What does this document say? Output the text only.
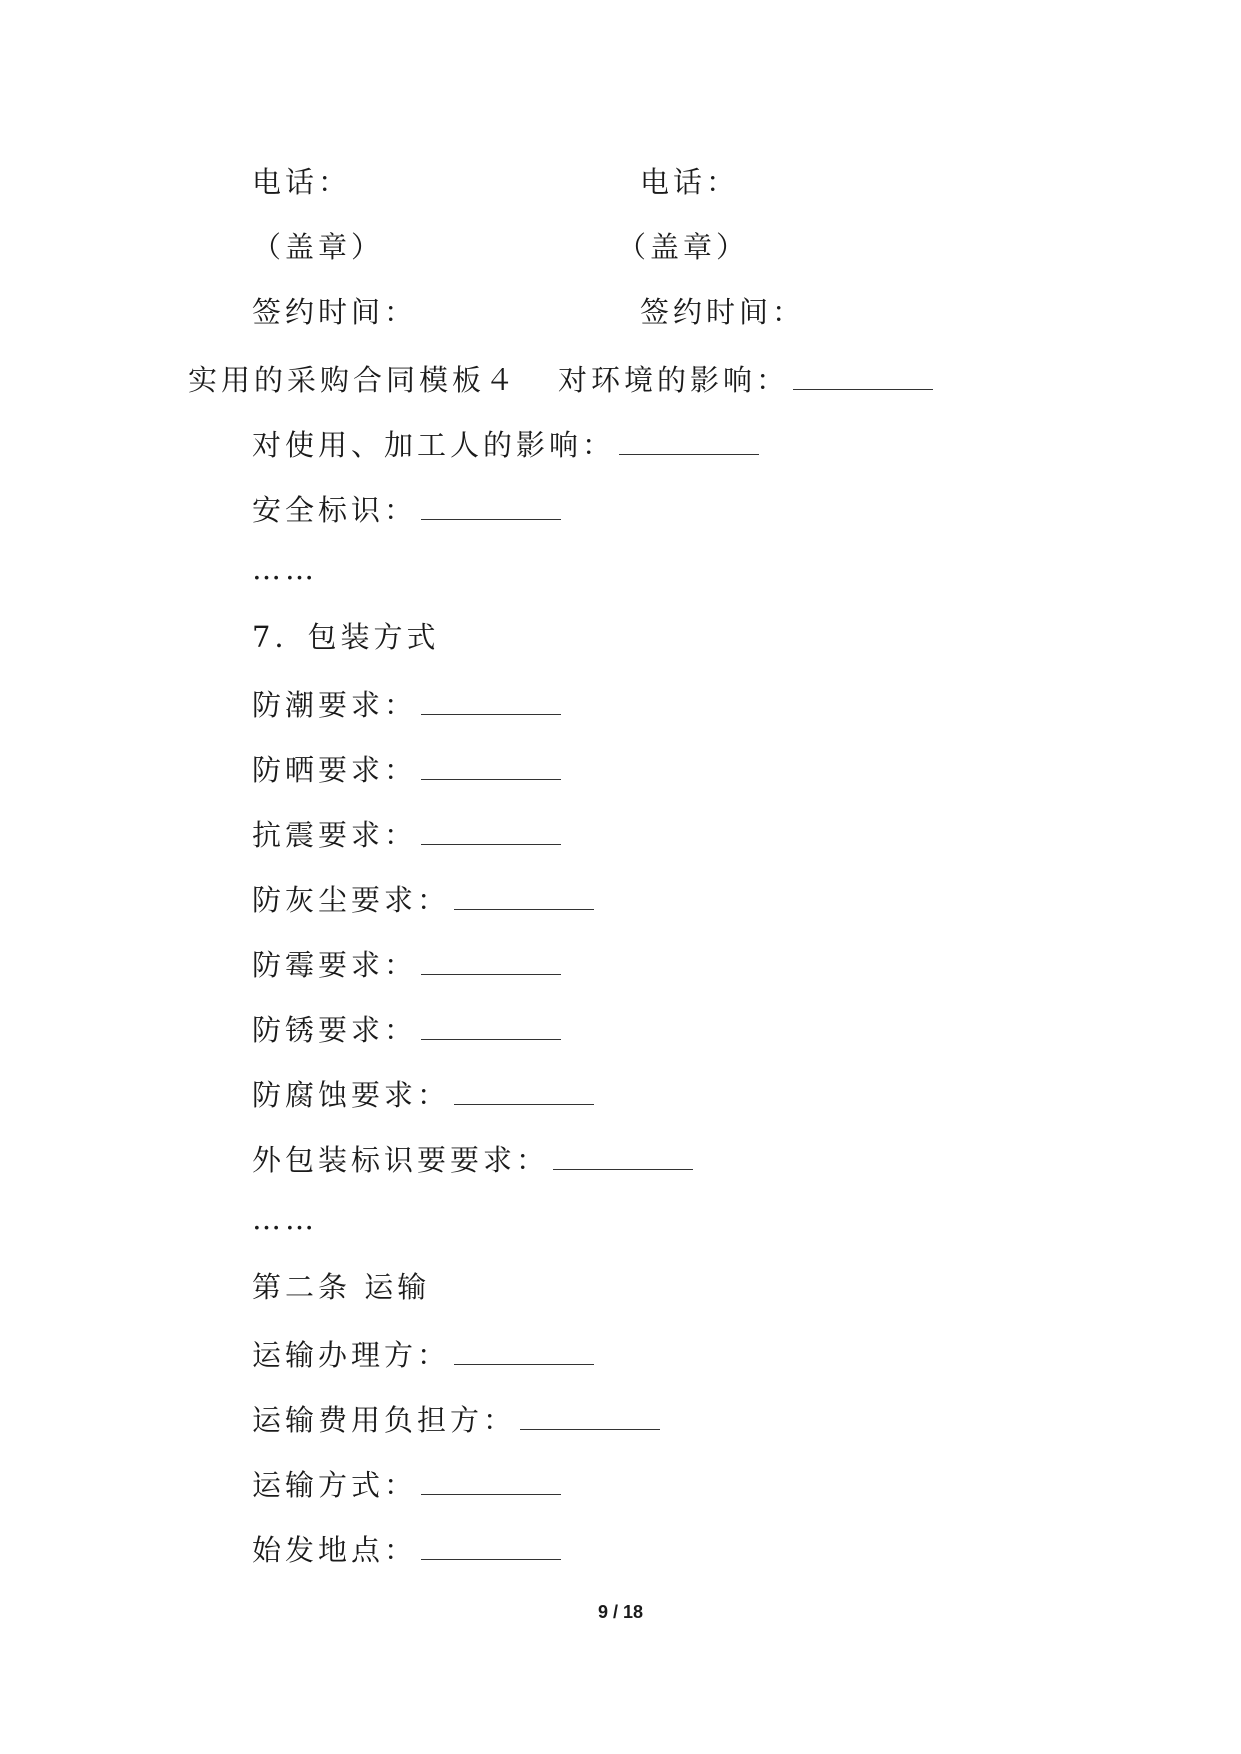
电话：	电话：
（盖章）	（盖章）
签约时间：	签约时间：
实用的采购合同模板４ 对环境的影响：
对使用、加工人的影响：
安全标识：
……
7．包装方式
防潮要求：
防晒要求：
抗震要求：
防灰尘要求：
防霉要求：
防锈要求：
防腐蚀要求：
外包装标识要要求：
……
第二条 运输
运输办理方：
运输费用负担方：
运输方式：
始发地点：
9 / 18
